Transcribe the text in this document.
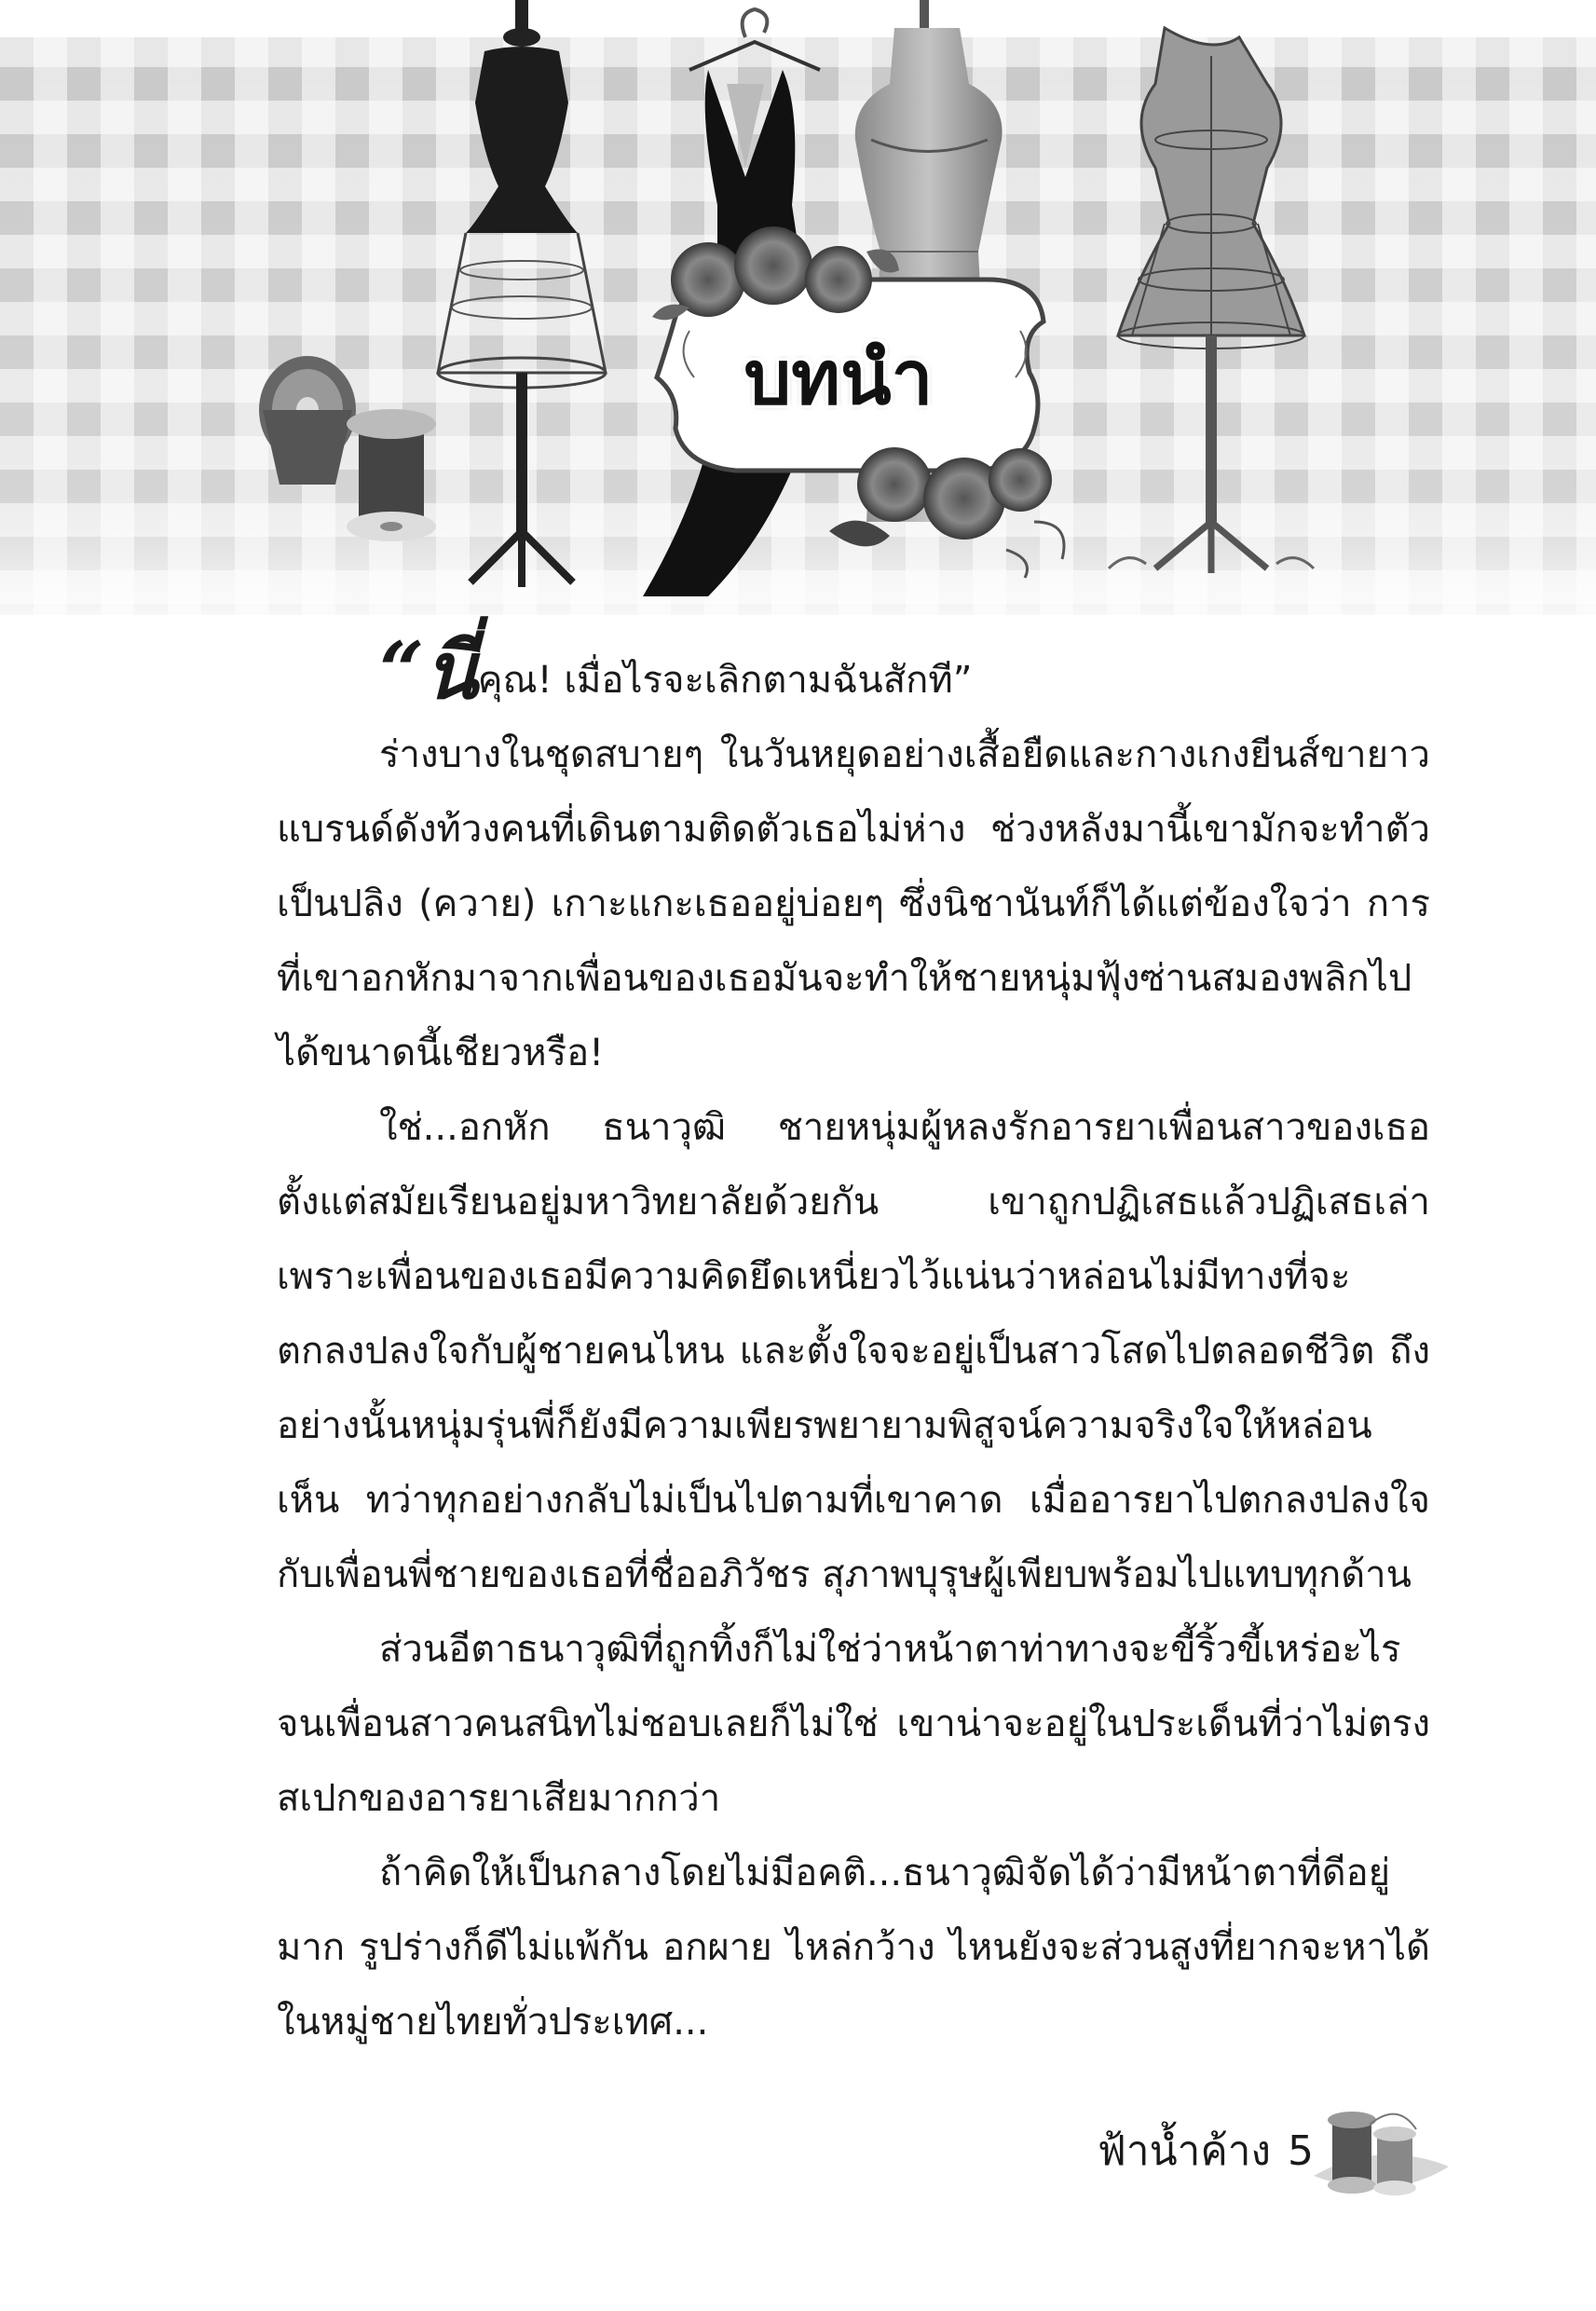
บทนำ

“นี่คุณ! เมื่อไรจะเลิกตามฉันสักที”

ร่างบางในชุดสบายๆ ในวันหยุดอย่างเสื้อยืดและกางเกงยีนส์ขายาวแบรนด์ดังท้วงคนที่เดินตามติดตัวเธอไม่ห่าง ช่วงหลังมานี้เขามักจะทำตัวเป็นปลิง (ควาย) เกาะแกะเธออยู่บ่อยๆ ซึ่งนิชานันท์ก็ได้แต่ข้องใจว่า การที่เขาอกหักมาจากเพื่อนของเธอมันจะทำให้ชายหนุ่มฟุ้งซ่านสมองพลิกไปได้ขนาดนี้เชียวหรือ!

ใช่...อกหัก ธนาวุฒิ ชายหนุ่มผู้หลงรักอารยาเพื่อนสาวของเธอตั้งแต่สมัยเรียนอยู่มหาวิทยาลัยด้วยกัน เขาถูกปฏิเสธแล้วปฏิเสธเล่าเพราะเพื่อนของเธอมีความคิดยึดเหนี่ยวไว้แน่นว่าหล่อนไม่มีทางที่จะตกลงปลงใจกับผู้ชายคนไหน และตั้งใจจะอยู่เป็นสาวโสดไปตลอดชีวิต ถึงอย่างนั้นหนุ่มรุ่นพี่ก็ยังมีความเพียรพยายามพิสูจน์ความจริงใจให้หล่อนเห็น ทว่าทุกอย่างกลับไม่เป็นไปตามที่เขาคาด เมื่ออารยาไปตกลงปลงใจกับเพื่อนพี่ชายของเธอที่ชื่ออภิวัชร สุภาพบุรุษผู้เพียบพร้อมไปแทบทุกด้าน

ส่วนอีตาธนาวุฒิที่ถูกทิ้งก็ไม่ใช่ว่าหน้าตาท่าทางจะขี้ริ้วขี้เหร่อะไรจนเพื่อนสาวคนสนิทไม่ชอบเลยก็ไม่ใช่ เขาน่าจะอยู่ในประเด็นที่ว่าไม่ตรงสเปกของอารยาเสียมากกว่า

ถ้าคิดให้เป็นกลางโดยไม่มีอคติ...ธนาวุฒิจัดได้ว่ามีหน้าตาที่ดีอยู่มาก รูปร่างก็ดีไม่แพ้กัน อกผาย ไหล่กว้าง ไหนยังจะส่วนสูงที่ยากจะหาได้ในหมู่ชายไทยทั่วประเทศ...

ฟ้าน้ำค้าง 5
